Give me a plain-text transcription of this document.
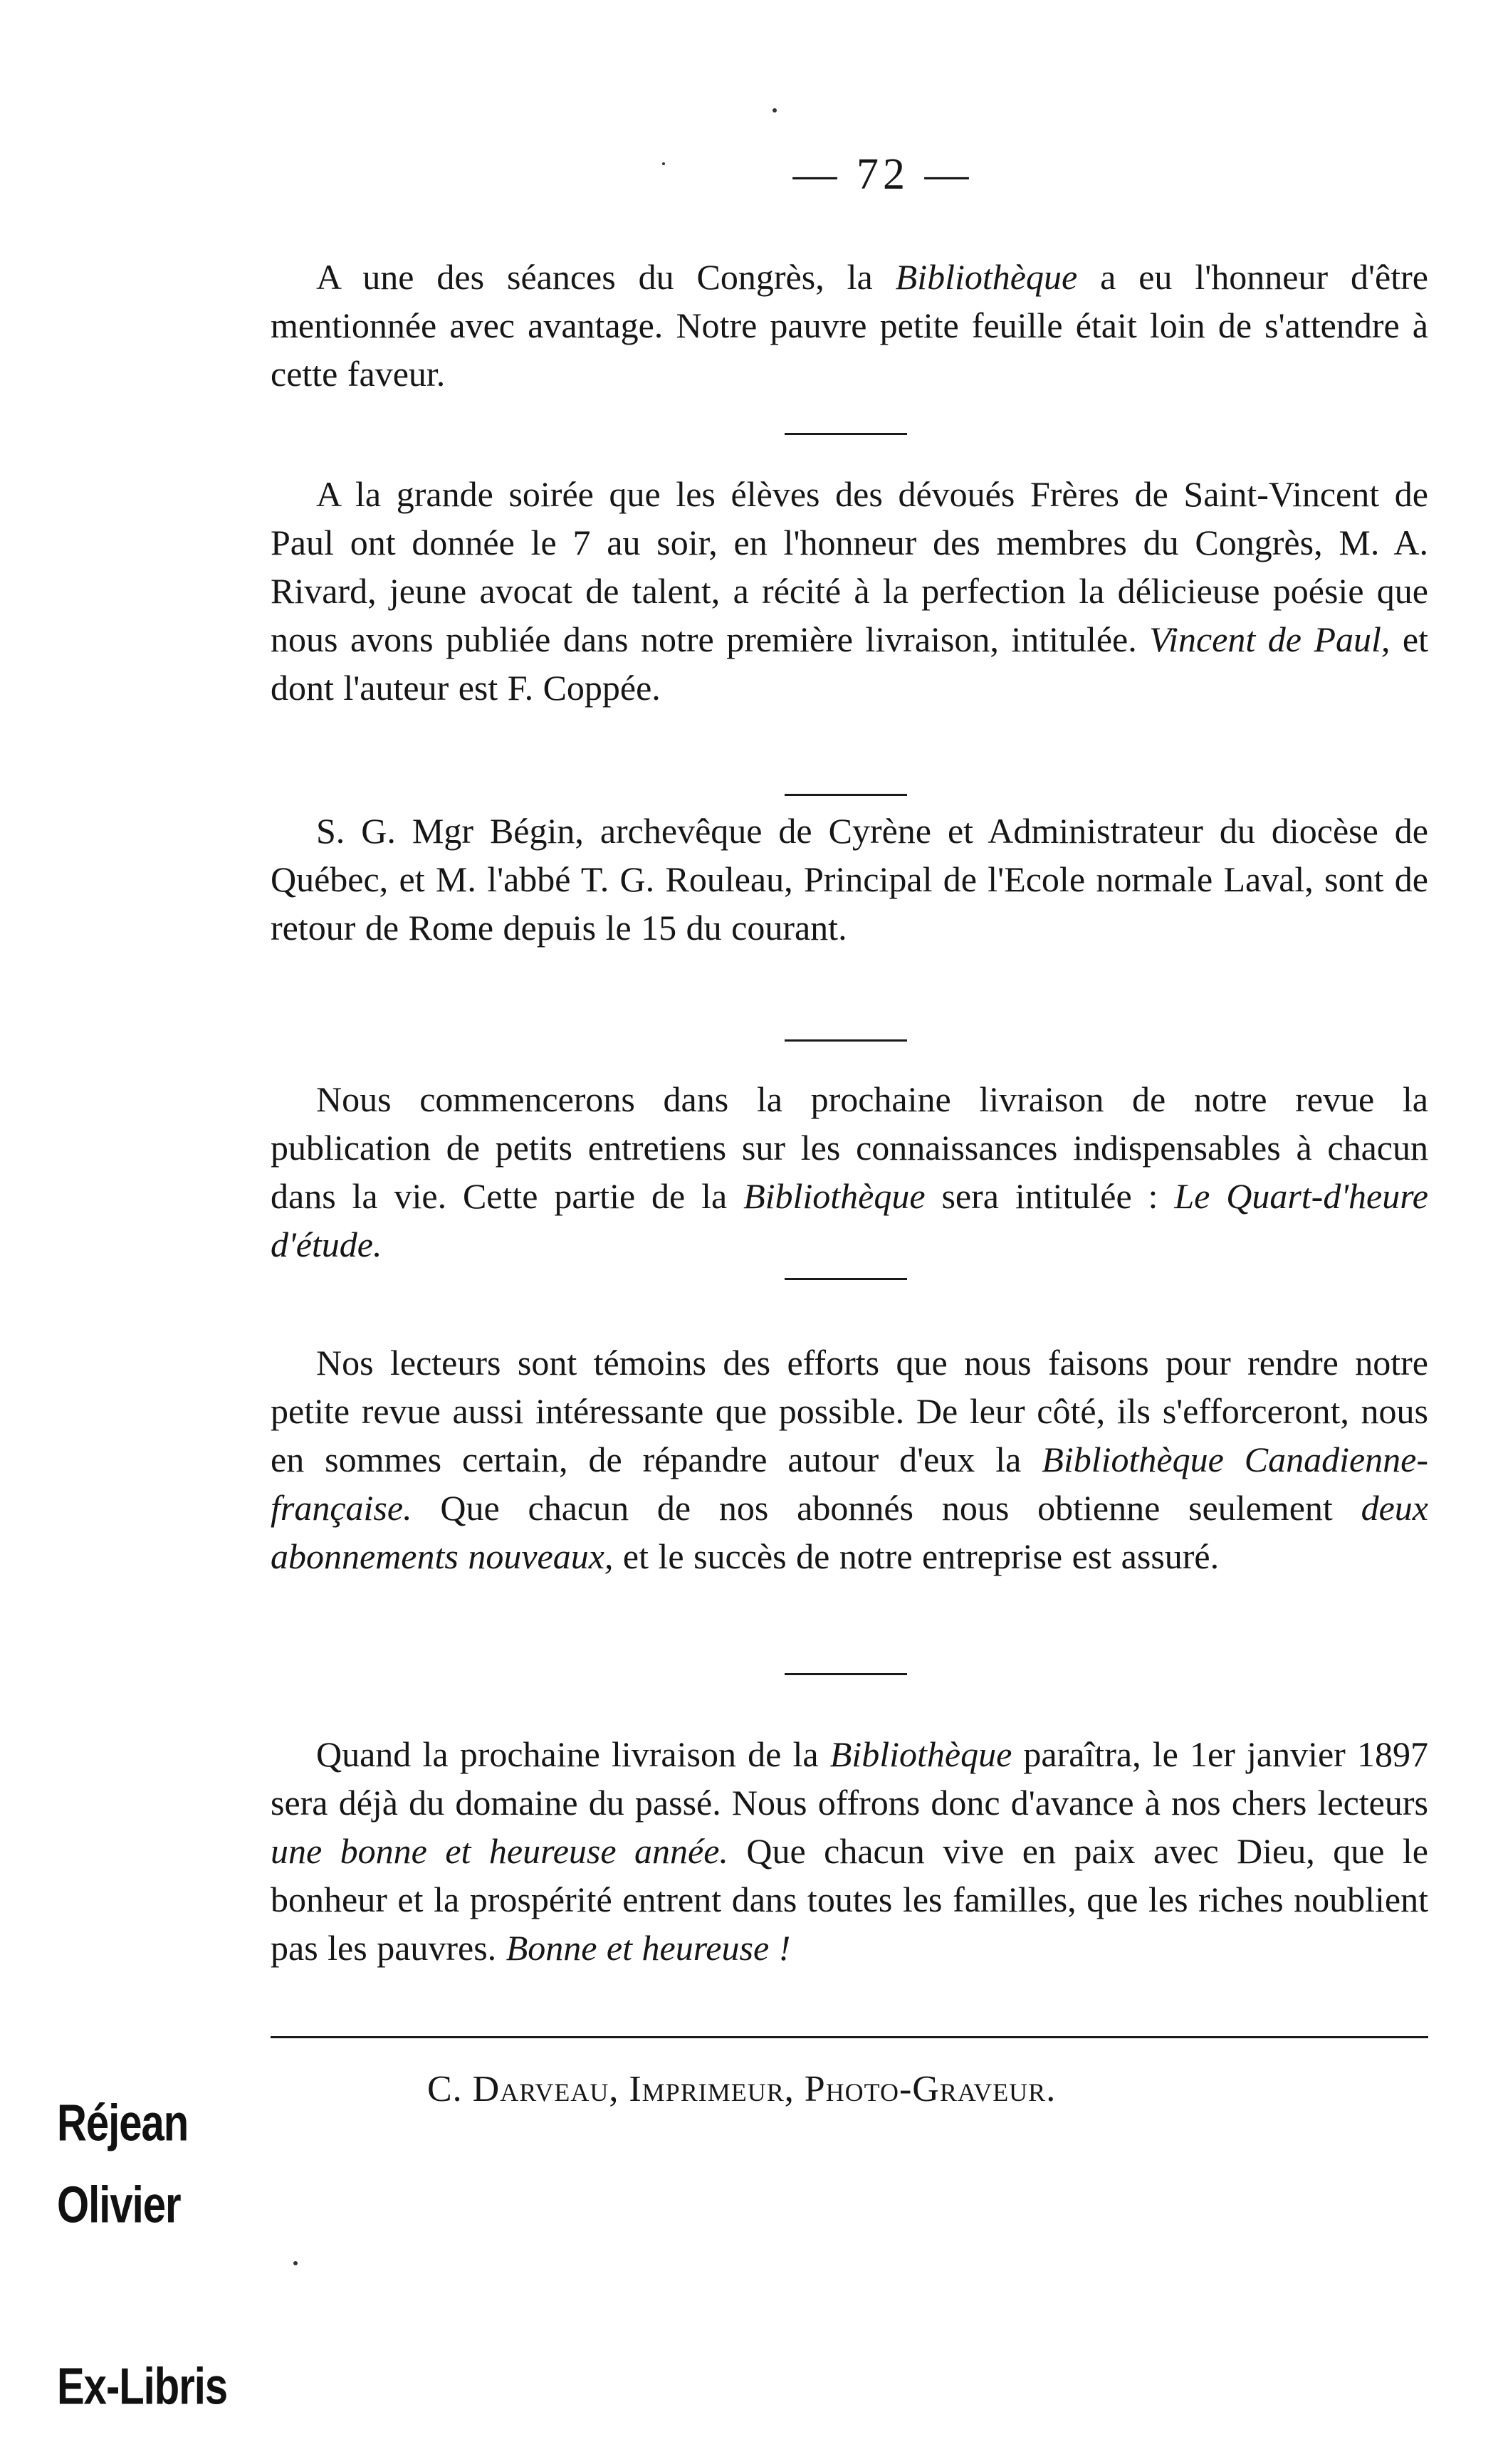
— 72 —
A une des séances du Congrès, la Bibliothèque a eu l'honneur d'être mentionnée avec avantage. Notre pauvre petite feuille était loin de s'attendre à cette faveur.
A la grande soirée que les élèves des dévoués Frères de Saint-Vincent de Paul ont donnée le 7 au soir, en l'honneur des membres du Congrès, M. A. Rivard, jeune avocat de talent, a récité à la perfection la délicieuse poésie que nous avons publiée dans notre première livraison, intitulée. Vincent de Paul, et dont l'auteur est F. Coppée.
S. G. Mgr Bégin, archevêque de Cyrène et Administrateur du diocèse de Québec, et M. l'abbé T. G. Rouleau, Principal de l'Ecole normale Laval, sont de retour de Rome depuis le 15 du courant.
Nous commencerons dans la prochaine livraison de notre revue la publication de petits entretiens sur les connaissances indispensables à chacun dans la vie. Cette partie de la Bibliothèque sera intitulée : Le Quart-d'heure d'étude.
Nos lecteurs sont témoins des efforts que nous faisons pour rendre notre petite revue aussi intéressante que possible. De leur côté, ils s'efforceront, nous en sommes certain, de répandre autour d'eux la Bibliothèque Canadienne-française. Que chacun de nos abonnés nous obtienne seulement deux abonnements nouveaux, et le succès de notre entreprise est assuré.
Quand la prochaine livraison de la Bibliothèque paraîtra, le 1er janvier 1897 sera déjà du domaine du passé. Nous offrons donc d'avance à nos chers lecteurs une bonne et heureuse année. Que chacun vive en paix avec Dieu, que le bonheur et la prospérité entrent dans toutes les familles, que les riches noublient pas les pauvres. Bonne et heureuse !
C. Darveau, Imprimeur, Photo-Graveur.
Réjean
Olivier
Ex-Libris
